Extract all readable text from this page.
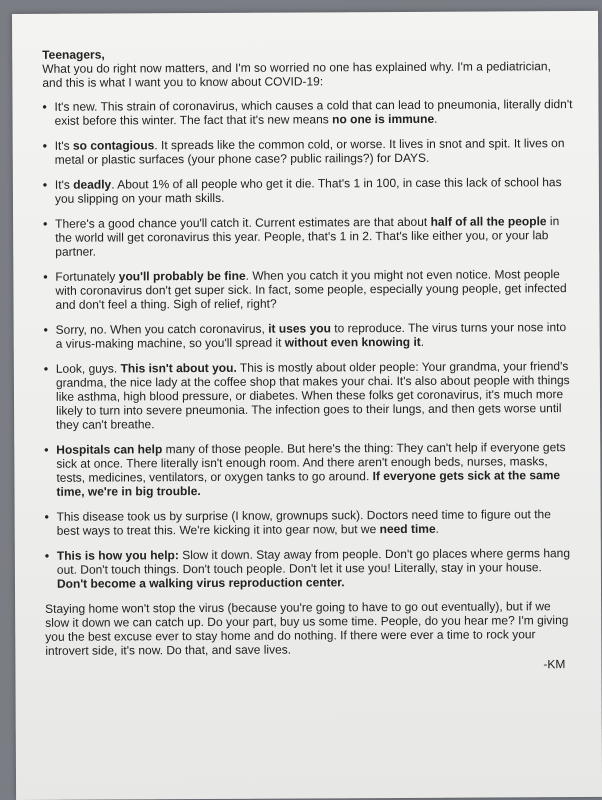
Teenagers,

What you do right now matters, and I'm so worried no one has explained why. I'm a pediatrician, and this is what I want you to know about COVID-19:

• It's new. This strain of coronavirus, which causes a cold that can lead to pneumonia, literally didn't exist before this winter. The fact that it's new means no one is immune.
• It's so contagious. It spreads like the common cold, or worse. It lives in snot and spit. It lives on metal or plastic surfaces (your phone case? public railings?) for DAYS.
• It's deadly. About 1% of all people who get it die. That's 1 in 100, in case this lack of school has you slipping on your math skills.
• There's a good chance you'll catch it. Current estimates are that about half of all the people in the world will get coronavirus this year. People, that's 1 in 2. That's like either you, or your lab partner.
• Fortunately you'll probably be fine. When you catch it you might not even notice. Most people with coronavirus don't get super sick. In fact, some people, especially young people, get infected and don't feel a thing. Sigh of relief, right?
• Sorry, no. When you catch coronavirus, it uses you to reproduce. The virus turns your nose into a virus-making machine, so you'll spread it without even knowing it.
• Look, guys. This isn't about you. This is mostly about older people: Your grandma, your friend's grandma, the nice lady at the coffee shop that makes your chai. It's also about people with things like asthma, high blood pressure, or diabetes. When these folks get coronavirus, it's much more likely to turn into severe pneumonia. The infection goes to their lungs, and then gets worse until they can't breathe.
• Hospitals can help many of those people. But here's the thing: They can't help if everyone gets sick at once. There literally isn't enough room. And there aren't enough beds, nurses, masks, tests, medicines, ventilators, or oxygen tanks to go around. If everyone gets sick at the same time, we're in big trouble.
• This disease took us by surprise (I know, grownups suck). Doctors need time to figure out the best ways to treat this. We're kicking it into gear now, but we need time.
• This is how you help: Slow it down. Stay away from people. Don't go places where germs hang out. Don't touch things. Don't touch people. Don't let it use you! Literally, stay in your house. Don't become a walking virus reproduction center.

Staying home won't stop the virus (because you're going to have to go out eventually), but if we slow it down we can catch up. Do your part, buy us some time. People, do you hear me? I'm giving you the best excuse ever to stay home and do nothing. If there were ever a time to rock your introvert side, it's now. Do that, and save lives.

-KM
